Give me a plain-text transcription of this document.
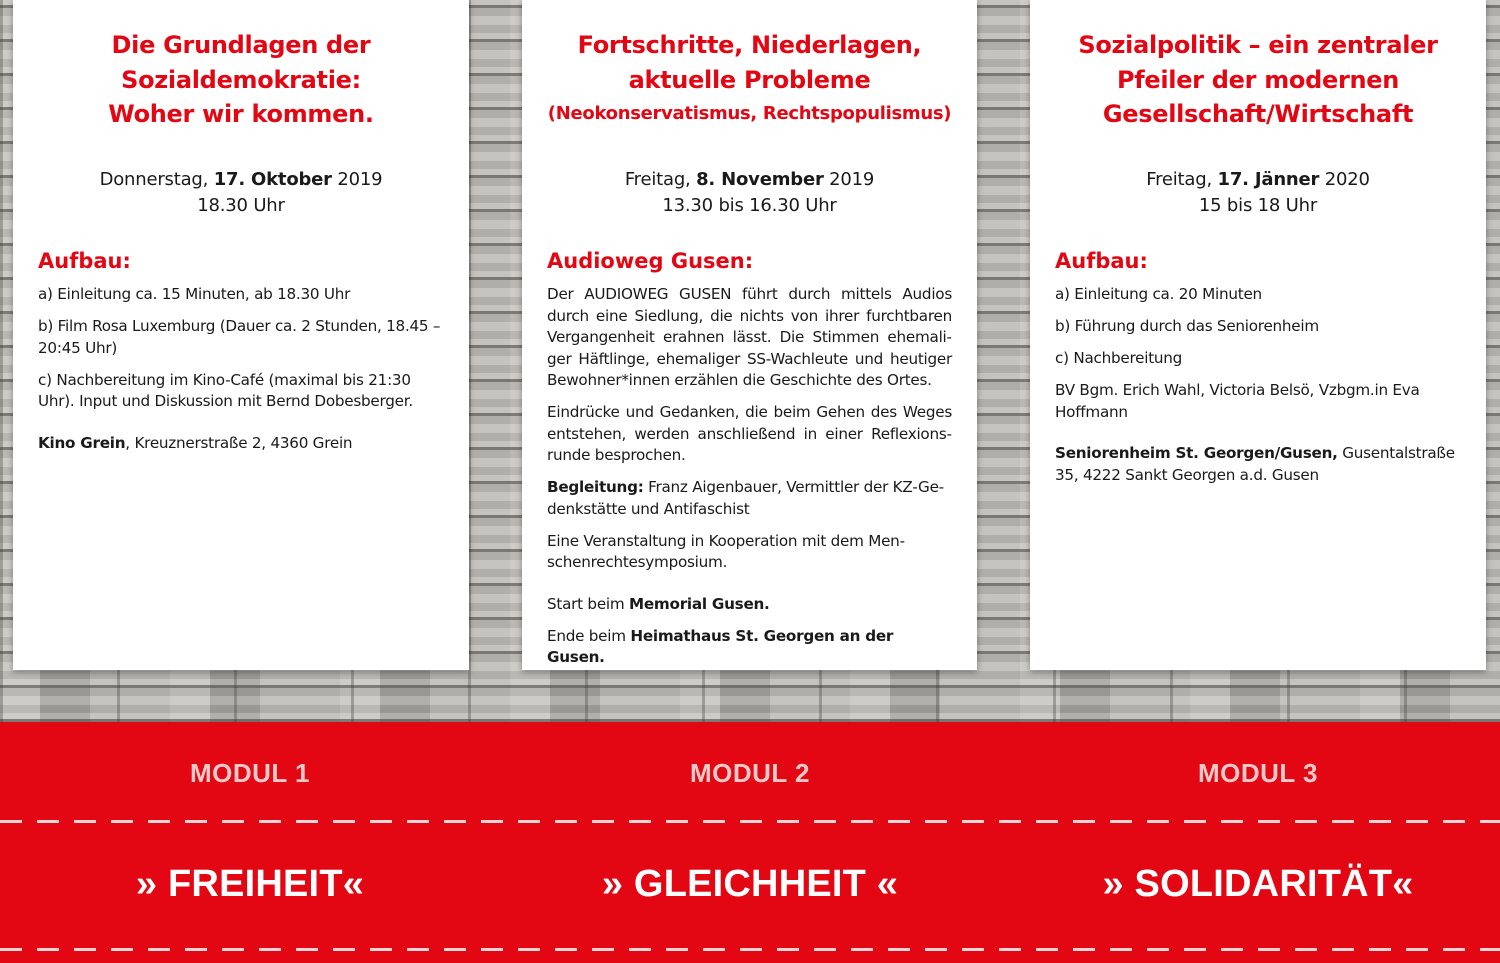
Die Grundlagen der
Sozialdemokratie:
Woher wir kommen.
Donnerstag, 17. Oktober 2019
18.30 Uhr
Aufbau:

a) Einleitung ca. 15 Minuten, ab 18.30 Uhr

b) Film Rosa Luxemburg (Dauer ca. 2 Stunden, 18.45 – 20:45 Uhr)

c) Nachbereitung im Kino-Café (maximal bis 21:30 Uhr). Input und Diskussion mit Bernd Dobesberger.

Kino Grein, Kreuznerstraße 2, 4360 Grein

Fortschritte, Niederlagen,
aktuelle Probleme
(Neokonservatismus, Rechtspopulismus)
Freitag, 8. November 2019
13.30 bis 16.30 Uhr
Audioweg Gusen:

Der AUDIOWEG GUSEN führt durch mittels Audios durch eine Siedlung, die nichts von ihrer furchtbaren Vergangenheit erahnen lässt. Die Stimmen ehemaliger Häftlinge, ehemaliger SS-Wachleute und heutiger Bewohner*innen erzählen die Geschichte des Ortes.

Eindrücke und Gedanken, die beim Gehen des Weges entstehen, werden anschließend in einer Reflexionsrunde besprochen.

Begleitung: Franz Aigenbauer, Vermittler der KZ-Gedenkstätte und Antifaschist

Eine Veranstaltung in Kooperation mit dem Menschenrechtesymposium.

Start beim Memorial Gusen.

Ende beim Heimathaus St. Georgen an der Gusen.

Sozialpolitik – ein zentraler
Pfeiler der modernen
Gesellschaft/Wirtschaft
Freitag, 17. Jänner 2020
15 bis 18 Uhr
Aufbau:

a) Einleitung ca. 20 Minuten

b) Führung durch das Seniorenheim

c) Nachbereitung

BV Bgm. Erich Wahl, Victoria Belsö, Vzbgm.in Eva Hoffmann

Seniorenheim St. Georgen/Gusen, Gusentalstraße 35, 4222 Sankt Georgen a.d. Gusen

MODUL 1	MODUL 2	MODUL 3
» FREIHEIT«	» GLEICHHEIT «	» SOLIDARITÄT«
